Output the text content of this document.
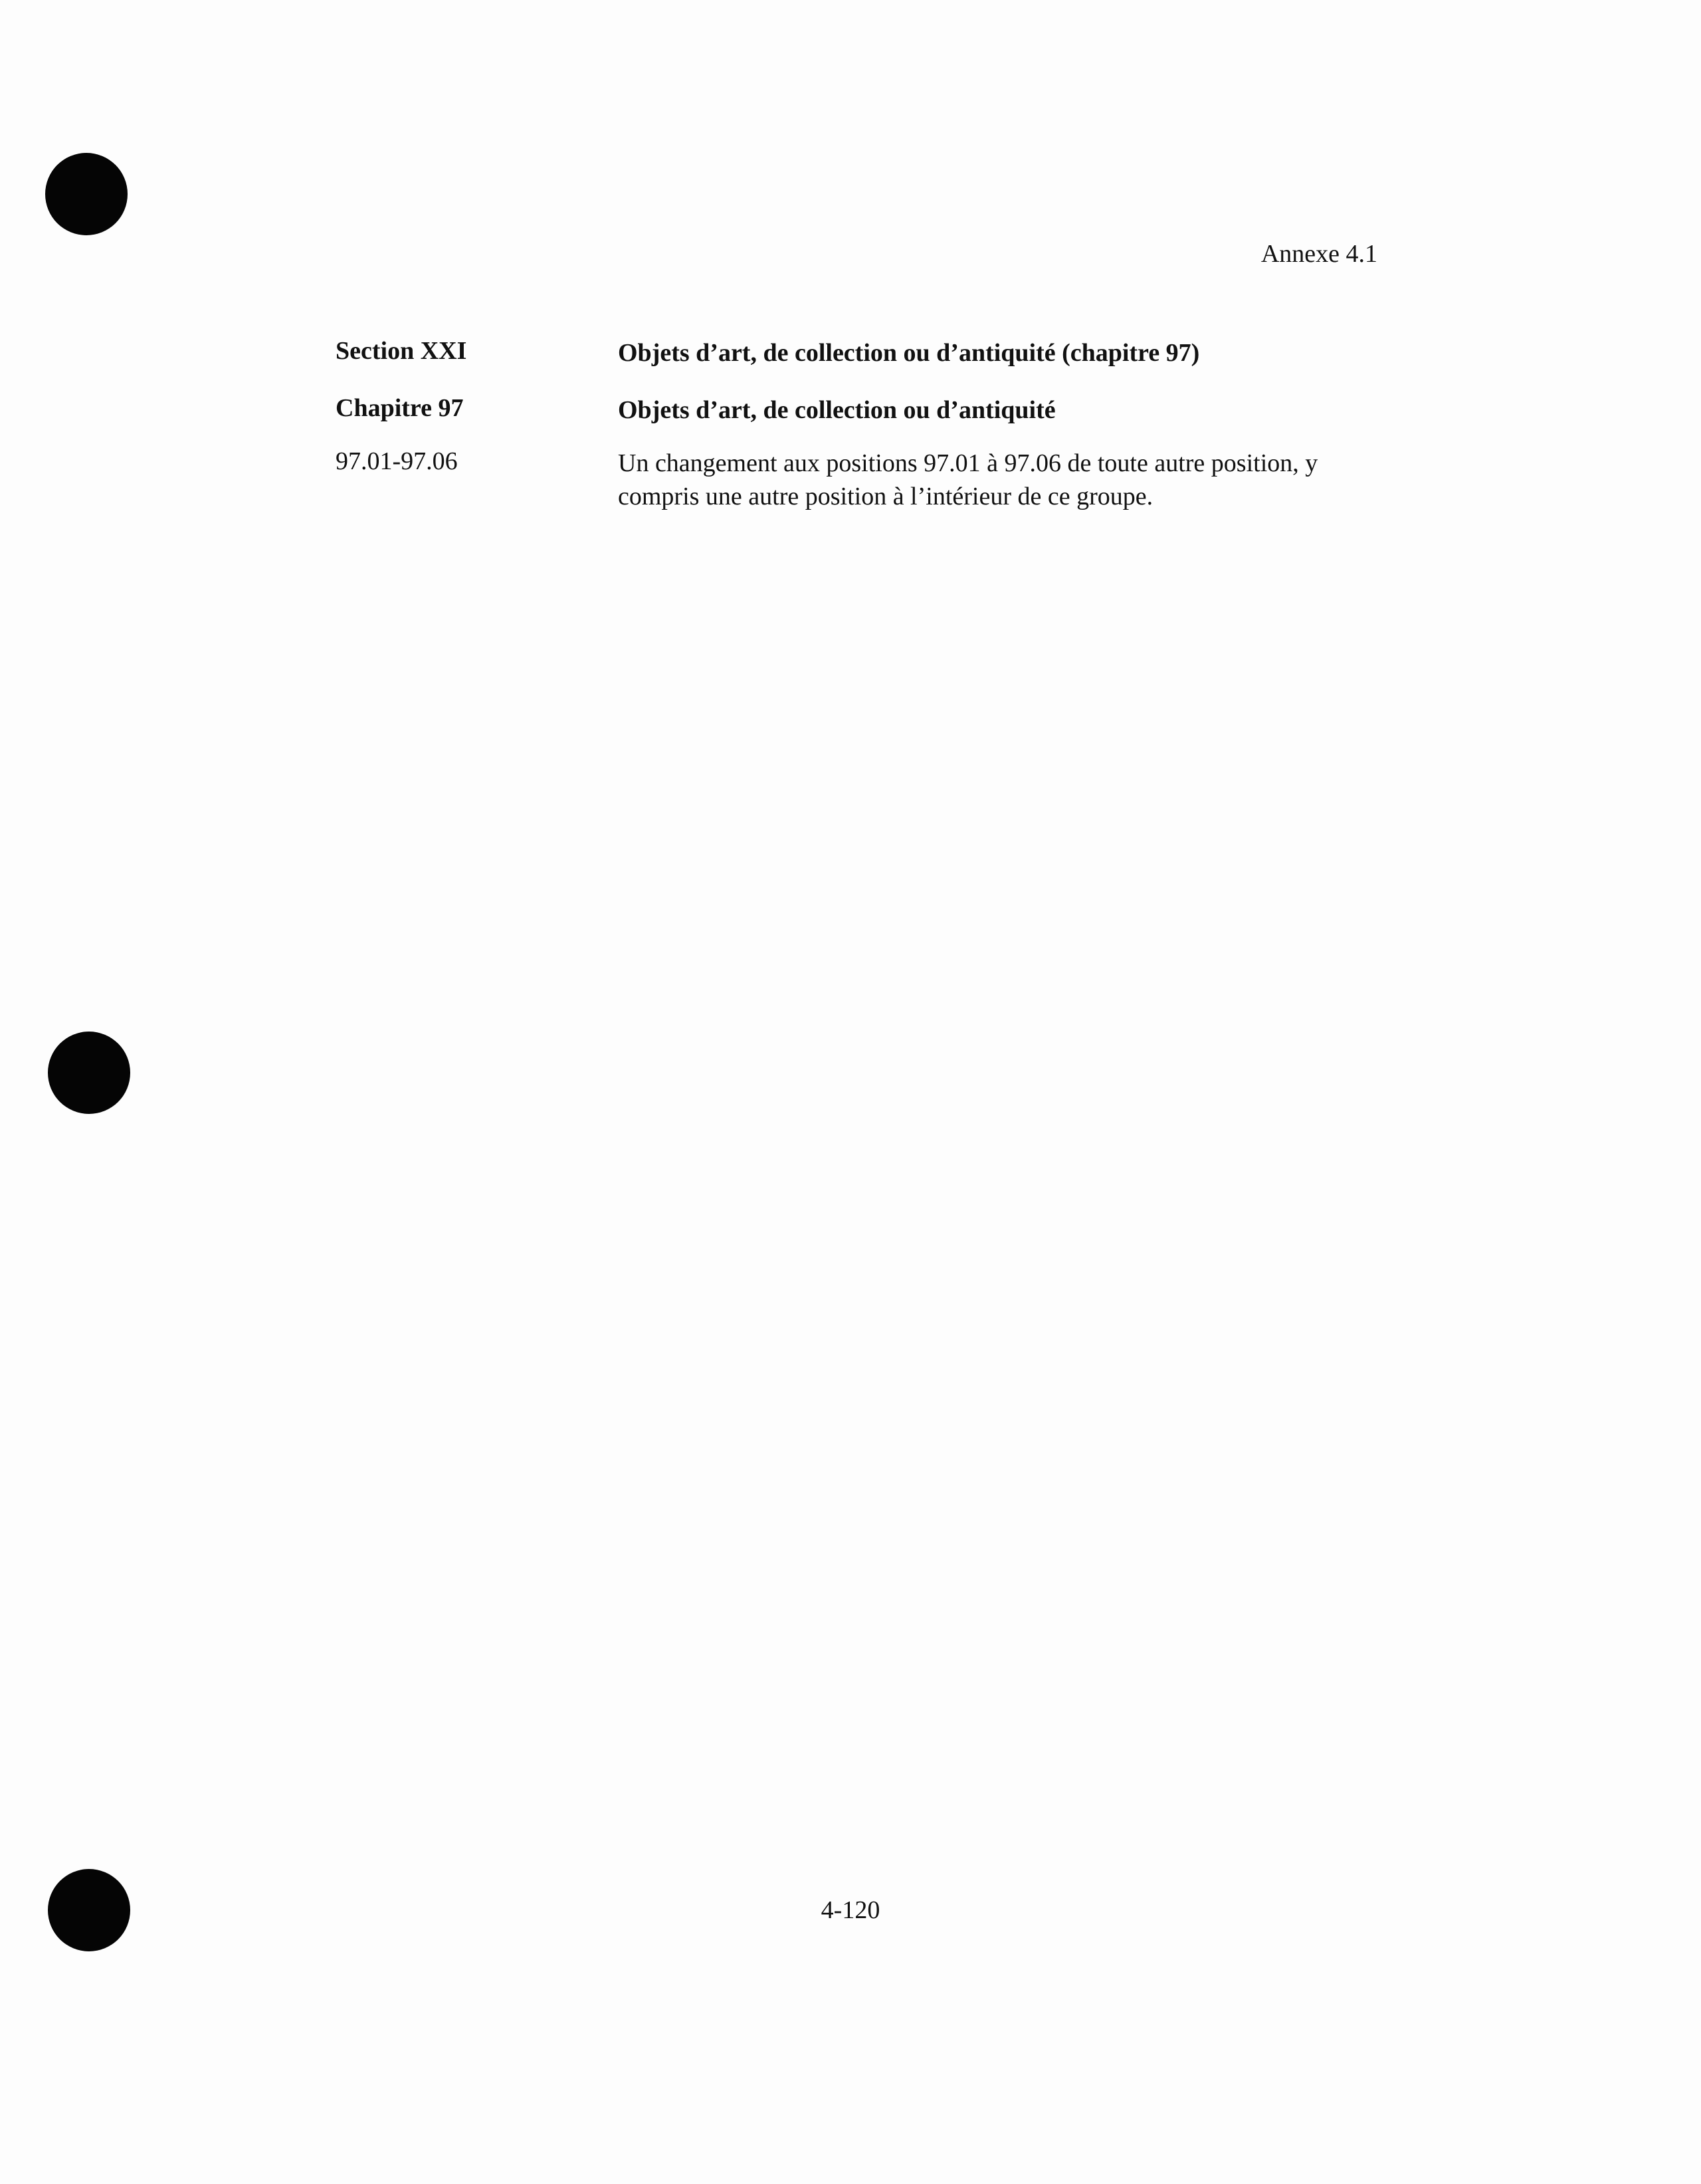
Annexe 4.1
Section XXI	Objets d’art, de collection ou d’antiquité (chapitre 97)
Chapitre 97	Objets d’art, de collection ou d’antiquité
97.01-97.06	Un changement aux positions 97.01 à 97.06 de toute autre position, y compris une autre position à l’intérieur de ce groupe.
4-120
